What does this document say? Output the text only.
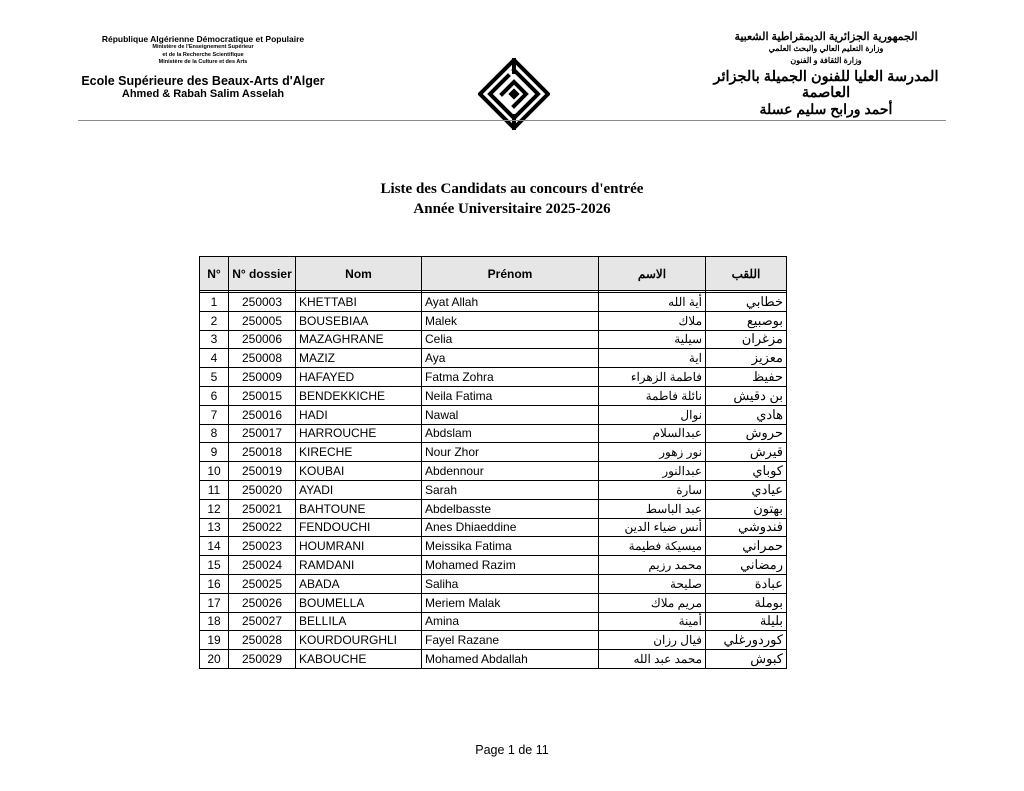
République Algérienne Démocratique et Populaire
Ministère de l'Enseignement Supérieur
et de la Recherche Scientifique
Ministère de la Culture et des Arts
Ecole Supérieure des Beaux-Arts d'Alger
Ahmed & Rabah Salim Asselah
الجمهورية الجزائرية الديمقراطية الشعبية
وزارة التعليم العالي والبحث العلمي
وزارة الثقافة و الفنون
المدرسة العليا للفنون الجميلة بالجزائر العاصمة
أحمد ورابح سليم عسلة
Liste des Candidats au concours d'entrée
Année Universitaire 2025-2026
N°	N° dossier	Nom	Prénom	الاسم	اللقب

1	250003	KHETTABI	Ayat Allah	أية الله	خطابي
2	250005	BOUSEBIAA	Malek	ملاك	بوصبيع
3	250006	MAZAGHRANE	Celia	سيلية	مزغران
4	250008	MAZIZ	Aya	اية	معزيز
5	250009	HAFAYED	Fatma Zohra	فاطمة الزهراء	حفيظ
6	250015	BENDEKKICHE	Neila Fatima	نائلة فاطمة	بن دقيش
7	250016	HADI	Nawal	نوال	هادي
8	250017	HARROUCHE	Abdslam	عبدالسلام	حروش
9	250018	KIRECHE	Nour Zhor	نور زهور	قيرش
10	250019	KOUBAI	Abdennour	عبدالنور	كوباي
11	250020	AYADI	Sarah	سارة	عيادي
12	250021	BAHTOUNE	Abdelbasste	عبد الباسط	بهتون
13	250022	FENDOUCHI	Anes Dhiaeddine	أنس ضياء الدين	فندوشي
14	250023	HOUMRANI	Meissika Fatima	ميسيكة فطيمة	حمراني
15	250024	RAMDANI	Mohamed Razim	محمد رزيم	رمضاني
16	250025	ABADA	Saliha	صليحة	عبادة
17	250026	BOUMELLA	Meriem Malak	مريم ملاك	بوملة
18	250027	BELLILA	Amina	أمينة	بليلة
19	250028	KOURDOURGHLI	Fayel Razane	فيال رزان	كوردورغلي
20	250029	KABOUCHE	Mohamed Abdallah	محمد عبد الله	كبوش
Page 1 de 11
